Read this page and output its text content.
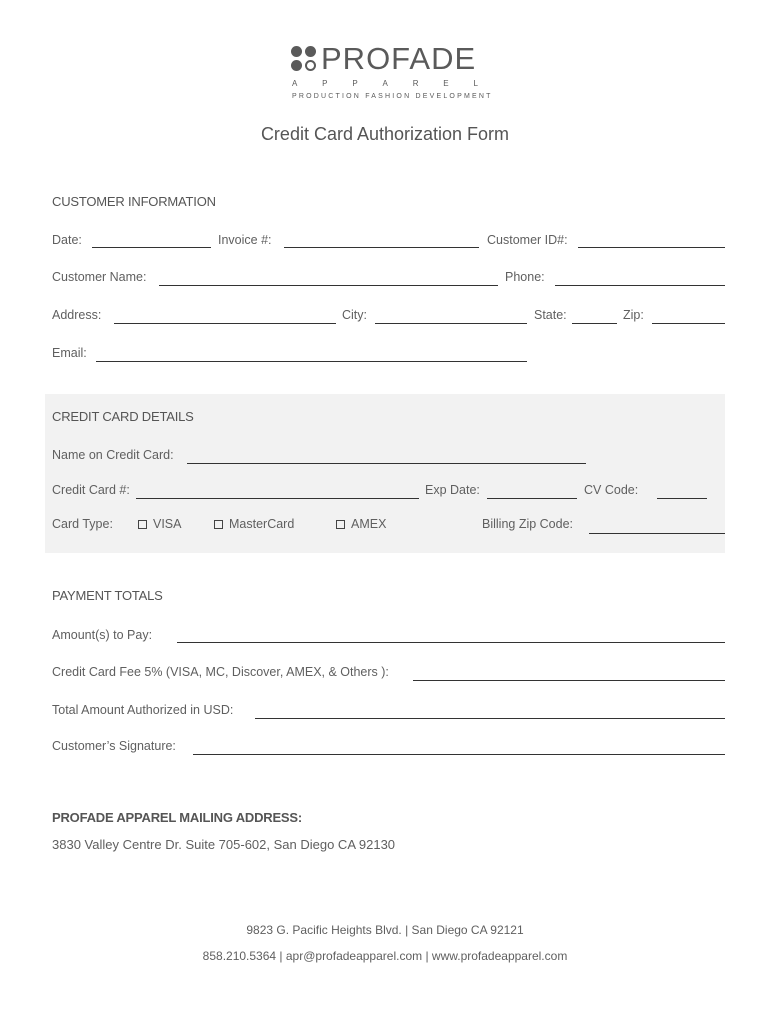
PROFADE
A	P	P	A	R	E	L
PRODUCTION FASHION DEVELOPMENT
Credit Card Authorization Form
CUSTOMER INFORMATION
Date:	Invoice #:	Customer ID#:
Customer Name:	Phone:
Address:	City:	State:	Zip:
Email:
CREDIT CARD DETAILS
Name on Credit Card:
Credit Card #:	Exp Date:	CV Code:
Card Type:	VISA	MasterCard	AMEX	Billing Zip Code:
PAYMENT TOTALS
Amount(s) to Pay:
Credit Card Fee 5% (VISA, MC, Discover, AMEX, & Others ):
Total Amount Authorized in USD:
Customer’s Signature:
PROFADE APPAREL MAILING ADDRESS:
3830 Valley Centre Dr. Suite 705-602, San Diego CA 92130
9823 G. Pacific Heights Blvd. | San Diego CA 92121
858.210.5364 | apr@profadeapparel.com | www.profadeapparel.com
